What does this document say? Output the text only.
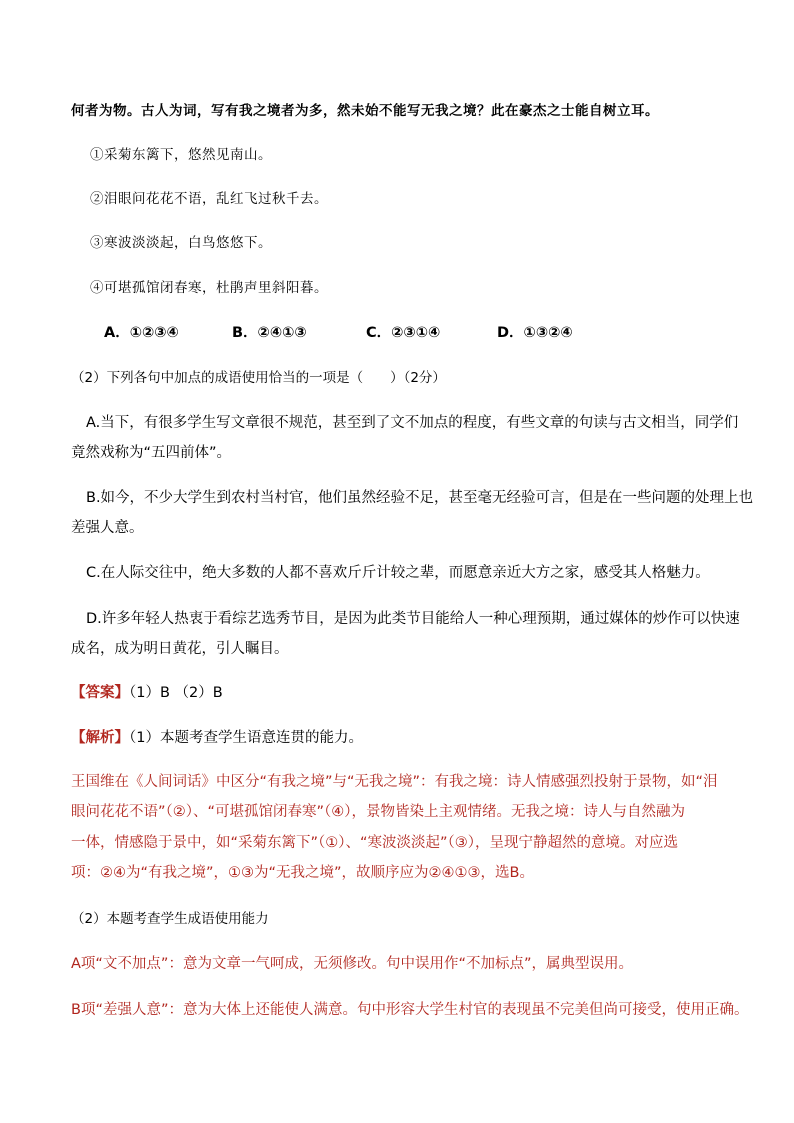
何者为物。古人为词，写有我之境者为多，然未始不能写无我之境？此在豪杰之士能自树立耳。
①采菊东篱下，悠然见南山。
②泪眼问花花不语，乱红飞过秋千去。
③寒波淡淡起，白鸟悠悠下。
④可堪孤馆闭春寒，杜鹃声里斜阳暮。
A．①②③④	B．②④①③	C．②③①④	D．①③②④
（2）下列各句中加点的成语使用恰当的一项是（　　）（2分）
A.当下，有很多学生写文章很不规范，甚至到了文不加点的程度，有些文章的句读与古文相当，同学们
竟然戏称为“五四前体”。
B.如今，不少大学生到农村当村官，他们虽然经验不足，甚至毫无经验可言，但是在一些问题的处理上也
差强人意。
C.在人际交往中，绝大多数的人都不喜欢斤斤计较之辈，而愿意亲近大方之家，感受其人格魅力。
D.许多年轻人热衷于看综艺选秀节目，是因为此类节目能给人一种心理预期，通过媒体的炒作可以快速
成名，成为明日黄花，引人瞩目。
【答案】（1）B （2）B
【解析】（1）本题考查学生语意连贯的能力。
王国维在《人间词话》中区分“有我之境”与“无我之境”：有我之境：诗人情感强烈投射于景物，如“泪
眼问花花不语”（②）、“可堪孤馆闭春寒”（④），景物皆染上主观情绪。无我之境：诗人与自然融为
一体，情感隐于景中，如“采菊东篱下”（①）、“寒波淡淡起”（③），呈现宁静超然的意境。对应选
项：②④为“有我之境”，①③为“无我之境”，故顺序应为②④①③，选B。
（2）本题考查学生成语使用能力
A项“文不加点”：意为文章一气呵成，无须修改。句中误用作“不加标点”，属典型误用。
B项“差强人意”：意为大体上还能使人满意。句中形容大学生村官的表现虽不完美但尚可接受，使用正确。
